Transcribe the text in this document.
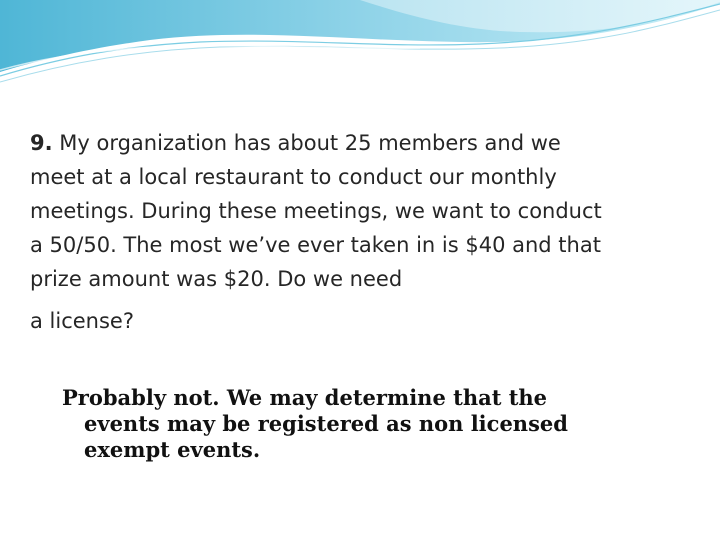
9. My organization has about 25 members and we meet at a local restaurant to conduct our monthly meetings. During these meetings, we want to conduct a 50/50. The most we’ve ever taken in is $40 and that prize amount was $20. Do we need
a license?

Probably not. We may determine that the
events may be registered as non licensed
exempt events.
